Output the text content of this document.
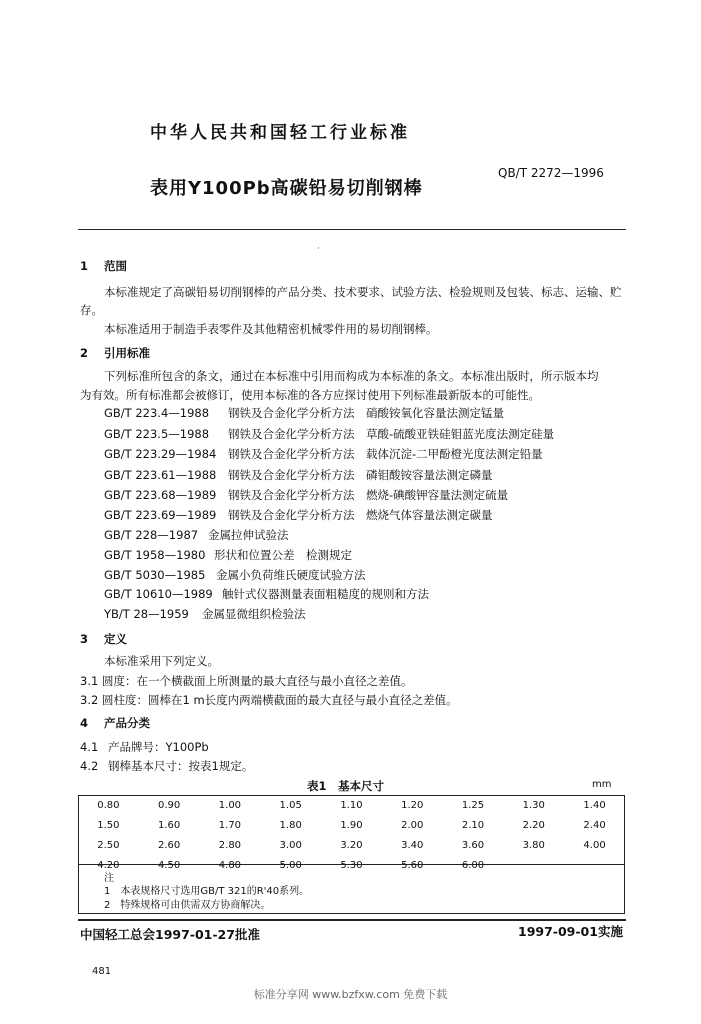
中华人民共和国轻工行业标准
表用Y100Pb高碳铅易切削钢棒
QB/T 2272—1996
·
1 范围
本标准规定了高碳铅易切削钢棒的产品分类、技术要求、试验方法、检验规则及包装、标志、运输、贮
存。
本标准适用于制造手表零件及其他精密机械零件用的易切削钢棒。
2 引用标准
下列标准所包含的条文，通过在本标准中引用而构成为本标准的条文。本标准出版时，所示版本均
为有效。所有标准都会被修订，使用本标准的各方应探讨使用下列标准最新版本的可能性。
GB/T 223.4—1988 钢铁及合金化学分析方法　硝酸铵氧化容量法测定锰量
GB/T 223.5—1988 钢铁及合金化学分析方法　草酸-硫酸亚铁硅钼蓝光度法测定硅量
GB/T 223.29—1984 钢铁及合金化学分析方法　载体沉淀-二甲酚橙光度法测定铅量
GB/T 223.61—1988 钢铁及合金化学分析方法　磷钼酸铵容量法测定磷量
GB/T 223.68—1989 钢铁及合金化学分析方法　燃烧-碘酸钾容量法测定硫量
GB/T 223.69—1989 钢铁及合金化学分析方法　燃烧气体容量法测定碳量
GB/T 228—1987 金属拉伸试验法
GB/T 1958—1980 形状和位置公差　检测规定
GB/T 5030—1985 金属小负荷维氏硬度试验方法
GB/T 10610—1989 触针式仪器测量表面粗糙度的规则和方法
YB/T 28—1959 金属显微组织检验法
3 定义
本标准采用下列定义。
3.1 圆度：在一个横截面上所测量的最大直径与最小直径之差值。
3.2 圆柱度：圆棒在1 m长度内两端横截面的最大直径与最小直径之差值。
4 产品分类
4.1 产品牌号：Y100Pb
4.2 钢棒基本尺寸：按表1规定。
表1　基本尺寸	mm
0.80	0.90	1.00	1.05	1.10	1.20	1.25	1.30	1.40
1.50	1.60	1.70	1.80	1.90	2.00	2.10	2.20	2.40
2.50	2.60	2.80	3.00	3.20	3.40	3.60	3.80	4.00
4.20	4.50	4.80	5.00	5.30	5.60	6.00		
注
1　本表规格尺寸选用GB/T 321的R'40系列。
2　特殊规格可由供需双方协商解决。
中国轻工总会1997-01-27批准	1997-09-01实施
481
标准分享网 www.bzfxw.com 免费下载
